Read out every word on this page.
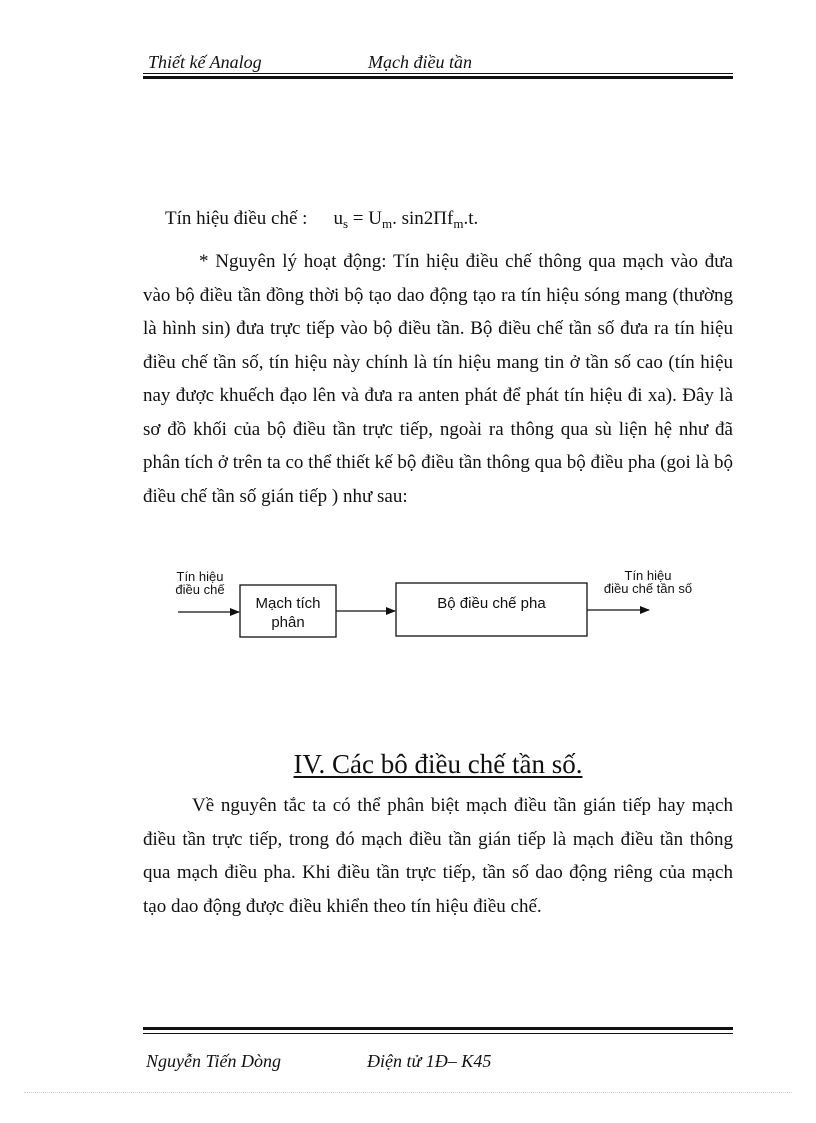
Thiết kế Analog	Mạch điều tần
Tín hiệu điều chế : $u_s = U_m$. $\sin 2\Pi f_m.t$.

* Nguyên lý hoạt động: Tín hiệu điều chế thông qua mạch vào đưa vào bộ điều tần đồng thời bộ tạo dao động tạo ra tín hiệu sóng mang (thường là hình sin) đưa trực tiếp vào bộ điều tần. Bộ điều chế tần số đưa ra tín hiệu điều chế tần số, tín hiệu này chính là tín hiệu mang tin ở tần số cao (tín hiệu nay được khuếch đạo lên và đưa ra anten phát để phát tín hiệu đi xa). Đây là sơ đồ khối của bộ điều tần trực tiếp, ngoài ra thông qua sù liện hệ như đã phân tích ở trên ta co thể thiết kế bộ điều tần thông qua bộ điều pha (goi là bộ điều chế tần số gián tiếp ) như sau:

Tín hiệu
điều chế
Mạch tích
phân
Bộ điều chế pha
Tín hiệu
điều chế tần số
IV. Các bô điều chế tần số.

Về nguyên tắc ta có thể phân biệt mạch điều tần gián tiếp hay mạch điều tần trực tiếp, trong đó mạch điều tần gián tiếp là mạch điều tần thông qua mạch điều pha. Khi điều tần trực tiếp, tần số dao động riêng của mạch tạo dao động được điều khiển theo tín hiệu điều chế.

Nguyễn Tiến Dòng	Điện tử 1Đ– K45
